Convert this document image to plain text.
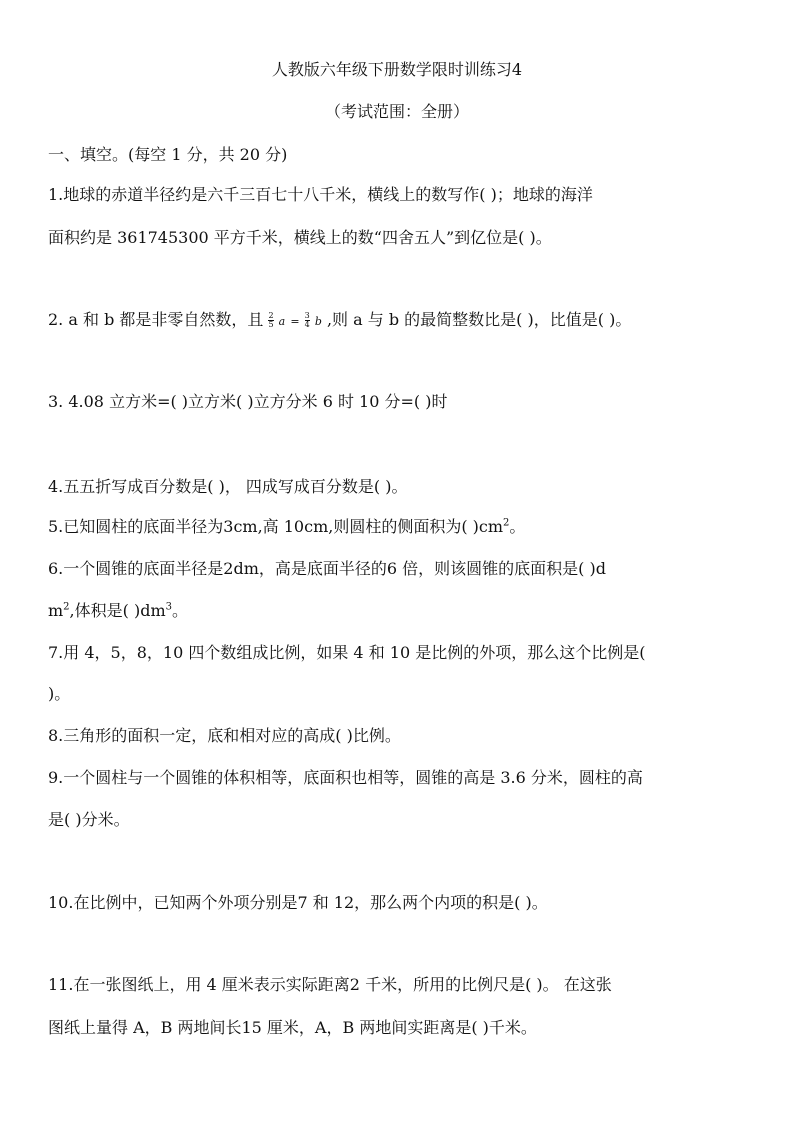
人教版六年级下册数学限时训练习4
（考试范围：全册）
一、填空。(每空 1 分，共 20 分)
1.地球的赤道半径约是六千三百七十八千米，横线上的数写作( )；地球的海洋
面积约是 361745300 平方千米，横线上的数“四舍五人”到亿位是( )。
2. a 和 b 都是非零自然数，且 $\frac{2}{5}$ $a = \frac{3}{4}$ b ,则 a 与 b 的最简整数比是( )，比值是( )。
3. 4.08 立方米=( )立方米( )立方分米 6 时 10 分=( )时
4.五五折写成百分数是( )， 四成写成百分数是( )。
5.已知圆柱的底面半径为3cm,高 10cm,则圆柱的侧面积为( )$cm^2$。
6.一个圆锥的底面半径是2dm，高是底面半径的6 倍，则该圆锥的底面积是( )d
$m^2$,体积是( )$dm^3$。
7.用 4，5，8，10 四个数组成比例，如果 4 和 10 是比例的外项，那么这个比例是(
)。
8.三角形的面积一定，底和相对应的高成( )比例。
9.一个圆柱与一个圆锥的体积相等，底面积也相等，圆锥的高是 3.6 分米，圆柱的高
是( )分米。
10.在比例中，已知两个外项分别是7 和 12，那么两个内项的积是( )。
11.在一张图纸上，用 4 厘米表示实际距离2 千米，所用的比例尺是( )。 在这张
图纸上量得 A，B 两地间长15 厘米，A，B 两地间实距离是( )千米。
